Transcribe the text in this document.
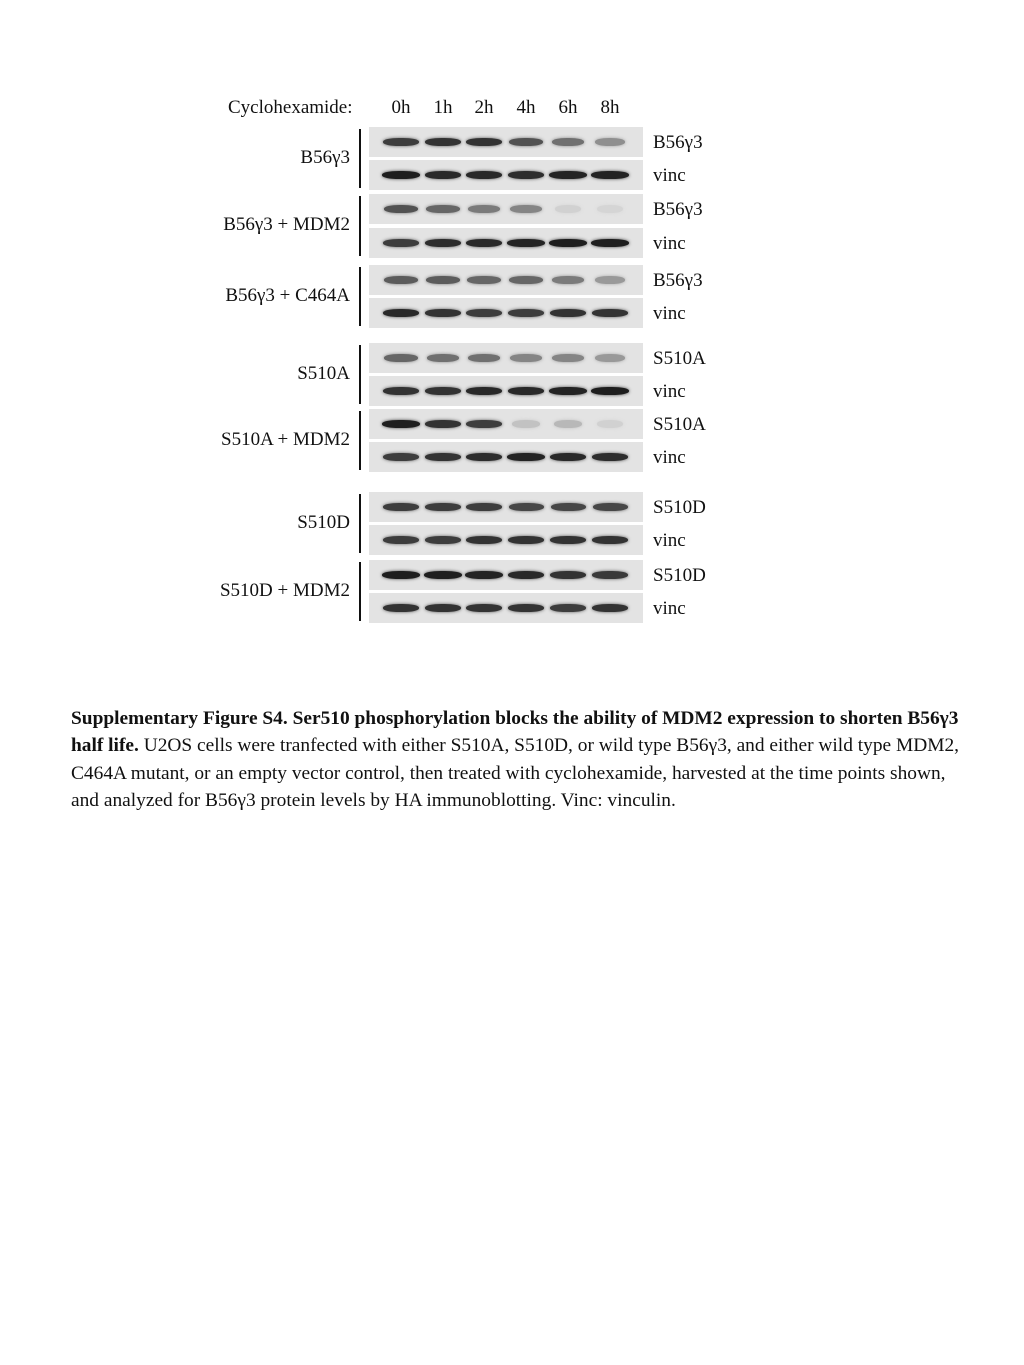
Cyclohexamide: 0h 1h 2h 4h 6h 8h
B56γ3
B56γ3
vinc
B56γ3 + MDM2
B56γ3
vinc
B56γ3 + C464A
B56γ3
vinc
S510A
S510A
vinc
S510A + MDM2
S510A
vinc
S510D
S510D
vinc
S510D + MDM2
S510D
vinc
Supplementary Figure S4. Ser510 phosphorylation blocks the ability of MDM2 expression to shorten B56γ3 half life. U2OS cells were tranfected with either S510A, S510D, or wild type B56γ3, and either wild type MDM2, C464A mutant, or an empty vector control, then treated with cyclohexamide, harvested at the time points shown, and analyzed for B56γ3 protein levels by HA immunoblotting. Vinc: vinculin.
